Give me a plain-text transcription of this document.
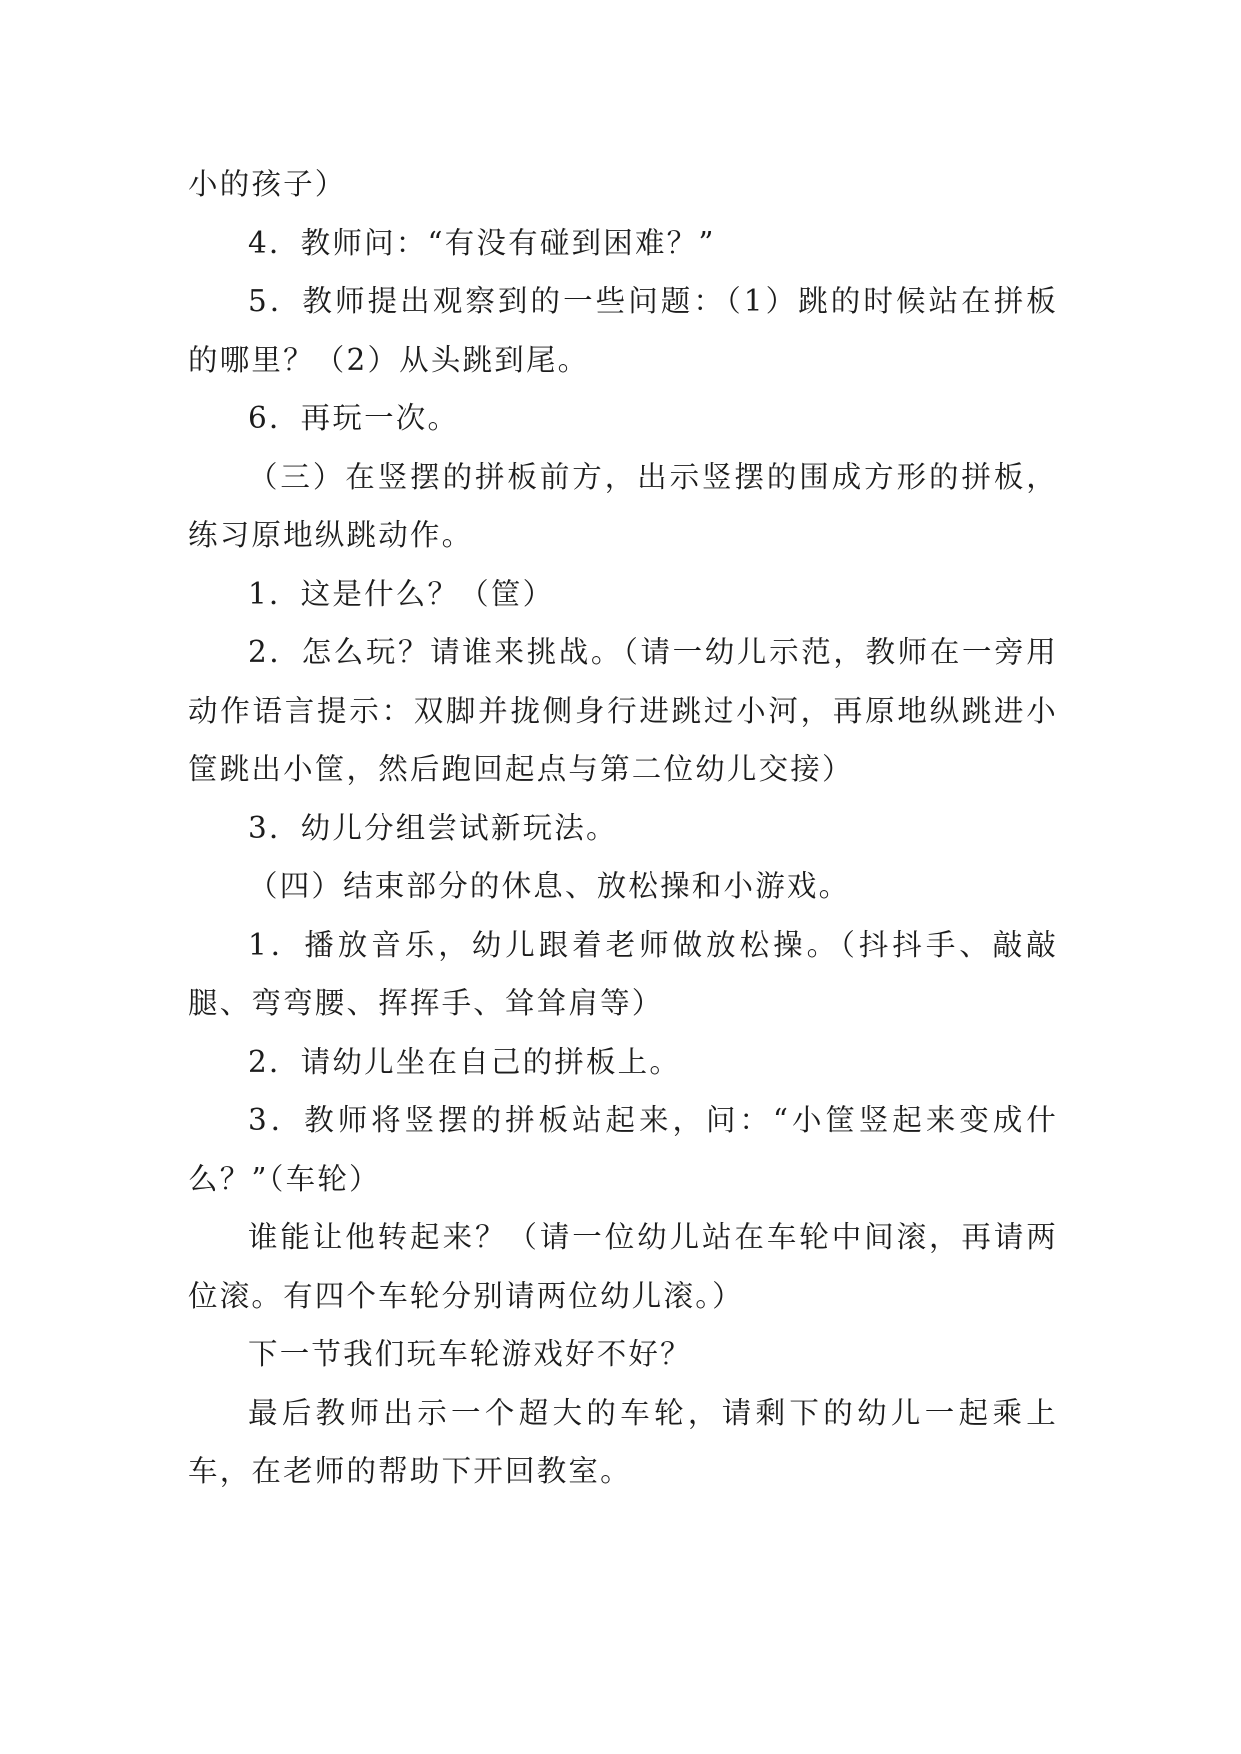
小的孩子）

4．教师问：“有没有碰到困难？”

5．教师提出观察到的一些问题：（1）跳的时候站在拼板的哪里？（2）从头跳到尾。

6．再玩一次。

（三）在竖摆的拼板前方，出示竖摆的围成方形的拼板，练习原地纵跳动作。

1．这是什么？（筐）

2．怎么玩？请谁来挑战。（请一幼儿示范，教师在一旁用动作语言提示：双脚并拢侧身行进跳过小河，再原地纵跳进小筐跳出小筐，然后跑回起点与第二位幼儿交接）

3．幼儿分组尝试新玩法。

（四）结束部分的休息、放松操和小游戏。

1．播放音乐，幼儿跟着老师做放松操。（抖抖手、敲敲腿、弯弯腰、挥挥手、耸耸肩等）

2．请幼儿坐在自己的拼板上。

3．教师将竖摆的拼板站起来，问：“小筐竖起来变成什么？”（车轮）

谁能让他转起来？（请一位幼儿站在车轮中间滚，再请两位滚。有四个车轮分别请两位幼儿滚。）

下一节我们玩车轮游戏好不好？

最后教师出示一个超大的车轮，请剩下的幼儿一起乘上车，在老师的帮助下开回教室。
